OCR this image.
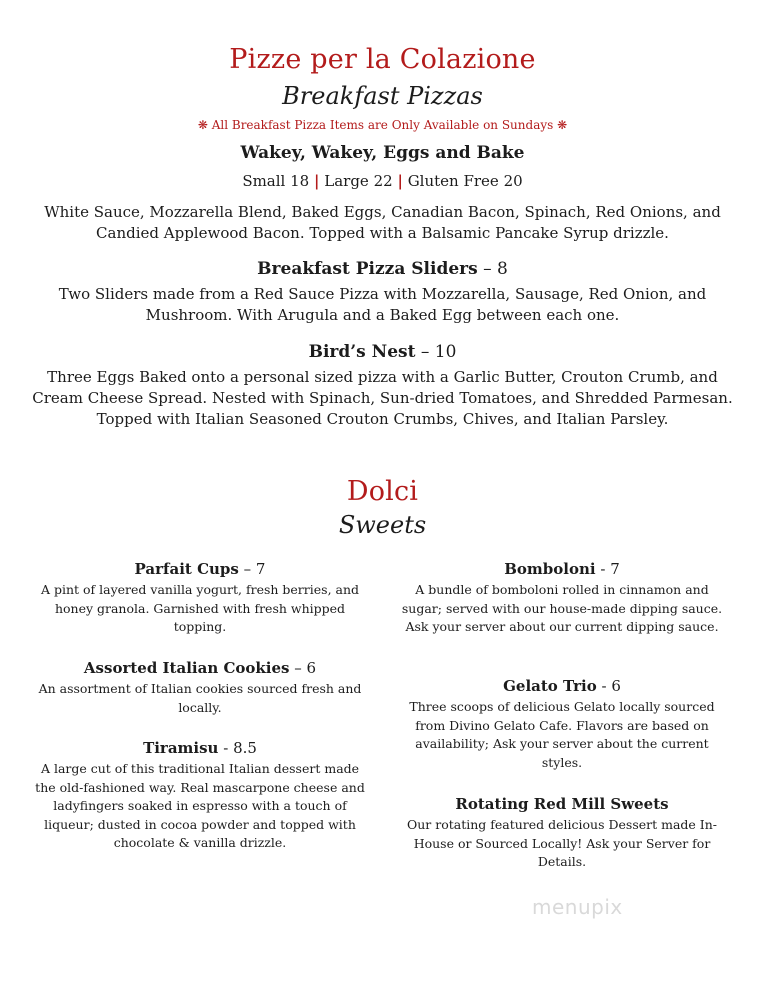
Pizze per la Colazione
Breakfast Pizzas
❋ All Breakfast Pizza Items are Only Available on Sundays ❋
Wakey, Wakey, Eggs and Bake
Small 18 | Large 22 | Gluten Free 20
White Sauce, Mozzarella Blend, Baked Eggs, Canadian Bacon, Spinach, Red Onions, and Candied Applewood Bacon. Topped with a Balsamic Pancake Syrup drizzle.
Breakfast Pizza Sliders – 8
Two Sliders made from a Red Sauce Pizza with Mozzarella, Sausage, Red Onion, and Mushroom. With Arugula and a Baked Egg between each one.
Bird’s Nest – 10
Three Eggs Baked onto a personal sized pizza with a Garlic Butter, Crouton Crumb, and Cream Cheese Spread. Nested with Spinach, Sun-dried Tomatoes, and Shredded Parmesan. Topped with Italian Seasoned Crouton Crumbs, Chives, and Italian Parsley.
Dolci
Sweets
Parfait Cups – 7
A pint of layered vanilla yogurt, fresh berries, and honey granola. Garnished with fresh whipped topping.
Assorted Italian Cookies – 6
An assortment of Italian cookies sourced fresh and locally.
Tiramisu - 8.5
A large cut of this traditional Italian dessert made the old-fashioned way. Real mascarpone cheese and ladyfingers soaked in espresso with a touch of liqueur; dusted in cocoa powder and topped with chocolate & vanilla drizzle.
Bomboloni - 7
A bundle of bomboloni rolled in cinnamon and sugar; served with our house-made dipping sauce. Ask your server about our current dipping sauce.
Gelato Trio - 6
Three scoops of delicious Gelato locally sourced from Divino Gelato Cafe. Flavors are based on availability; Ask your server about the current styles.
Rotating Red Mill Sweets
Our rotating featured delicious Dessert made In-House or Sourced Locally! Ask your Server for Details.
menupix
